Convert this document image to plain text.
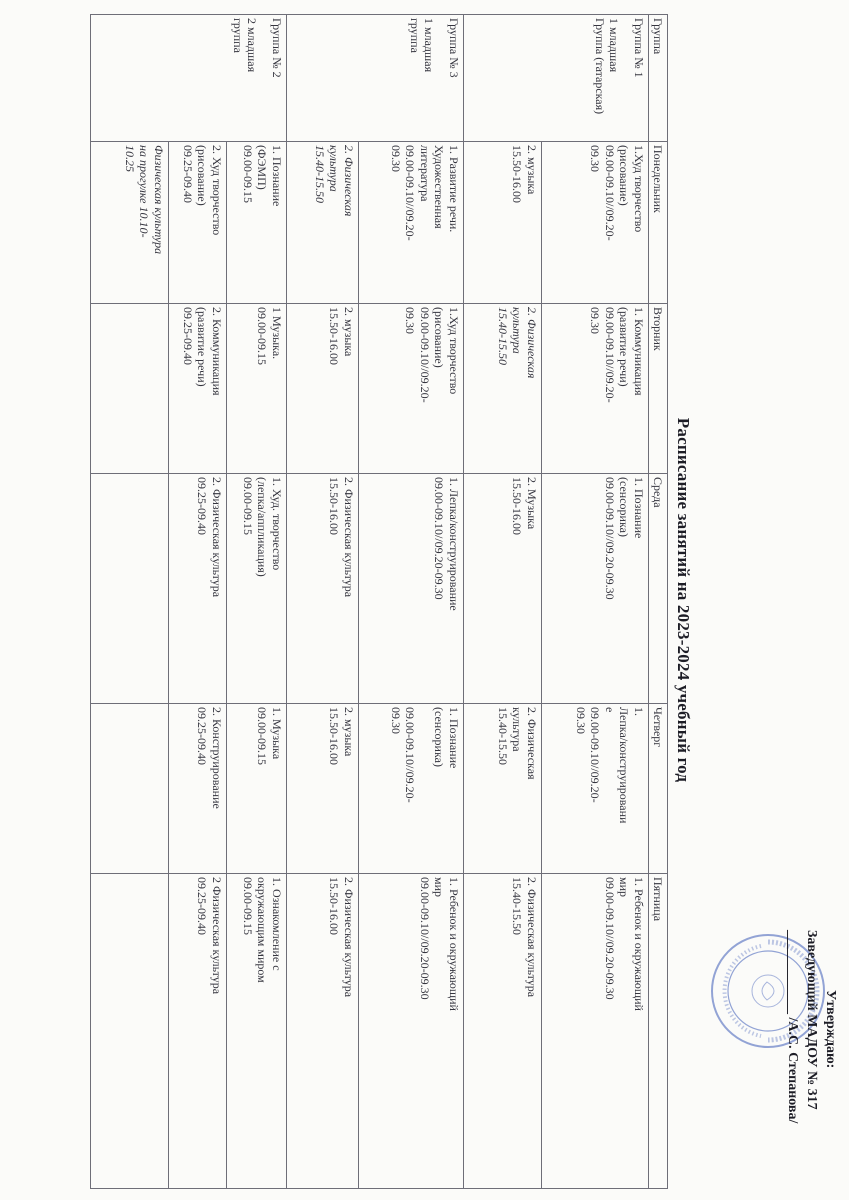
Утверждаю:
Заведующий МАДОУ № 317
____________ /А.С. Степанова/
Расписание занятий на 2023-2024 учебный год
Группа	Понедельник	Вторник	Среда	Четверг	Пятница

Группа № 1
1 младшая
Группа (татарская)	1.Худ творчество
(рисование)
09.00-09.10//09.20-
09.30	1. Коммуникация
(развитие речи)
09.00-09.10//09.20-
09.30	1. Познание
(сенсорика)
09.00-09.10//09.20-09.30	1.
Лепка/конструировани
е
09.00-09.10//09.20-
09.30	1. Ребенок и окружающий
мир
09.00-09.10//09.20-09.30

	2. музыка
15.50-16.00	2. Физическая
культура
15.40-15.50	2. Музыка
15.50-16.00	2. Физическая
культура
15.40-15.50	2. Физическая культура
15.40-15.50

Группа № 3
1 младшая
группа	1. Развитие речи.
Художественная
литература
09.00-09.10//09.20-
09.30	1.Худ творчество
(рисование)
09.00-09.10//09.20-
09.30	1. Лепка/конструирование
09.00-09.10//09.20-09.30	1. Познание
(сенсорика)

09.00-09.10//09.20-
09.30	1. Ребенок и окружающий
мир
09.00-09.10//09.20-09.30

	2. Физическая
культура
15.40-15.50	2. музыка
15.50-16.00	2. Физическая культура
15.50-16.00	2. музыка
15.50-16.00	2. Физическая культура
15.50-16.00

Группа № 2
2 младшая
группа	1. Познание
(ФЭМП)
09.00-09.15	1 Музыка.
09.00-09.15	1. Худ. творчество
(лепка/аппликация)
09.00-09.15	1. Музыка
09.00-09.15	1. Ознакомление с
окружающим миром
09.00-09.15

	2. Худ творчество
(рисование)
09.25-09.40	2. Коммуникация
(развитие речи)
09.25-09.40	2. Физическая культура
09.25-09.40	2. Конструирование
09.25-09.40	2 Физическая культура
09.25-09.40

	Физическая культура
на прогулке 10.10-
10.25				
